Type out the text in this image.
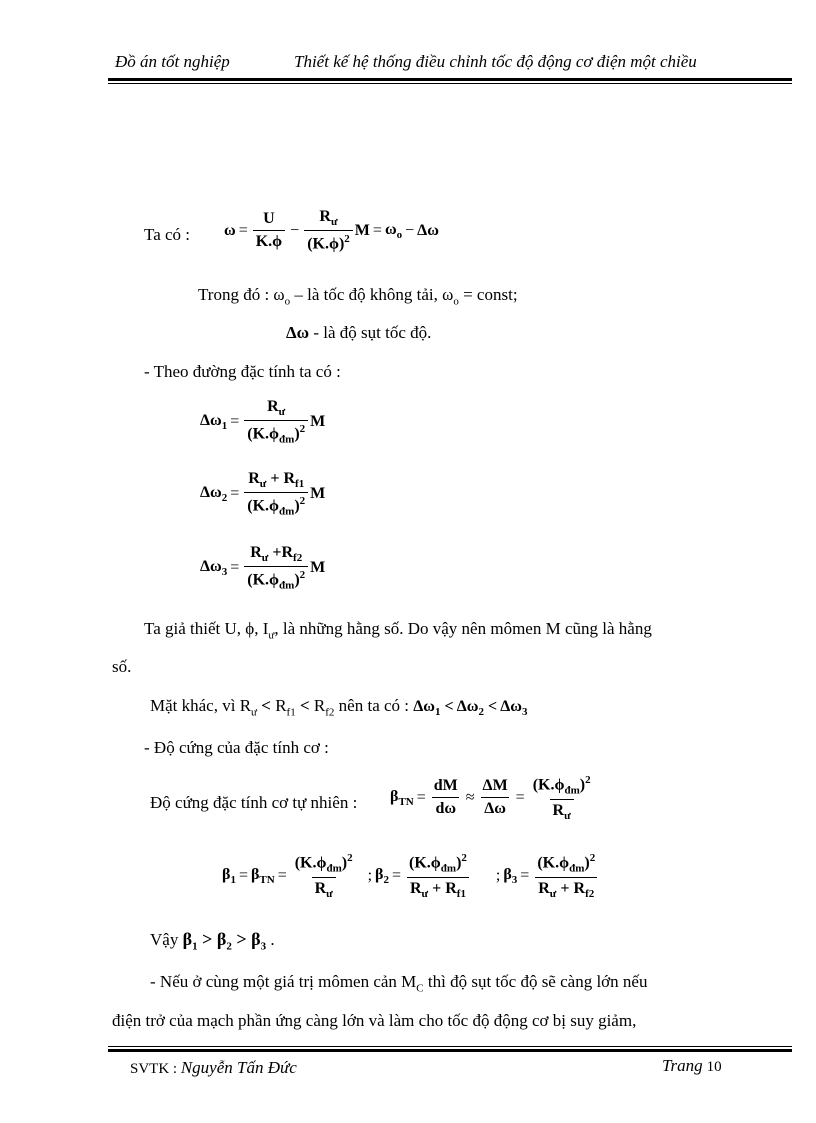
Đồ án tốt nghiệp	Thiết kế hệ thống điều chỉnh tốc độ động cơ điện một chiều
Ta có : $\omega = \frac{U}{K.\phi} - \frac{R_ư}{(K.\phi)^2}$ $M = \omega_o - \Delta\omega$
Trong đó : $\omega_o$ – là tốc độ không tải, $\omega_o$ = const;
Δω - là độ sụt tốc độ.
- Theo đường đặc tính ta có :
$\Delta\omega_1 = \frac{R_ư}{(K.\phi_{đm})^2}$ M
$\Delta\omega_2 = \frac{R_ư + R_{f1}}{(K.\phi_{đm})^2}$ M
$\Delta\omega_3 = \frac{R_ư +R_{f2}}{(K.\phi_{đm})^2}$ M
Ta giả thiết U, ϕ, $I_ư$, là những hằng số. Do vậy nên mômen M cũng là hằng
số.
Mặt khác, vì $R_ư < R_{f1} < R_{f2}$ nên ta có : $\Delta\omega_1 < \Delta\omega_2 < \Delta\omega_3$
- Độ cứng của đặc tính cơ :
Độ cứng đặc tính cơ tự nhiên : $\beta_{TN} = \frac{dM}{d\omega} \approx \frac{\Delta M}{\Delta\omega} = \frac{(K.\phi_{đm})^2}{R_ư}$
$\beta_1 = \beta_{TN} = \frac{(K.\phi_{đm})^2}{R_ư}$ ; $\beta_2 = \frac{(K.\phi_{đm})^2}{R_ư + R_{f1}}$ ; $\beta_3 = \frac{(K.\phi_{đm})^2}{R_ư + R_{f2}}$
Vậy $\beta_1 > \beta_2 > \beta_3$ .
- Nếu ở cùng một giá trị mômen cản $M_C$ thì độ sụt tốc độ sẽ càng lớn nếu
điện trở của mạch phần ứng càng lớn và làm cho tốc độ động cơ bị suy giảm,
SVTK : Nguyễn Tấn Đức	Trang 10
